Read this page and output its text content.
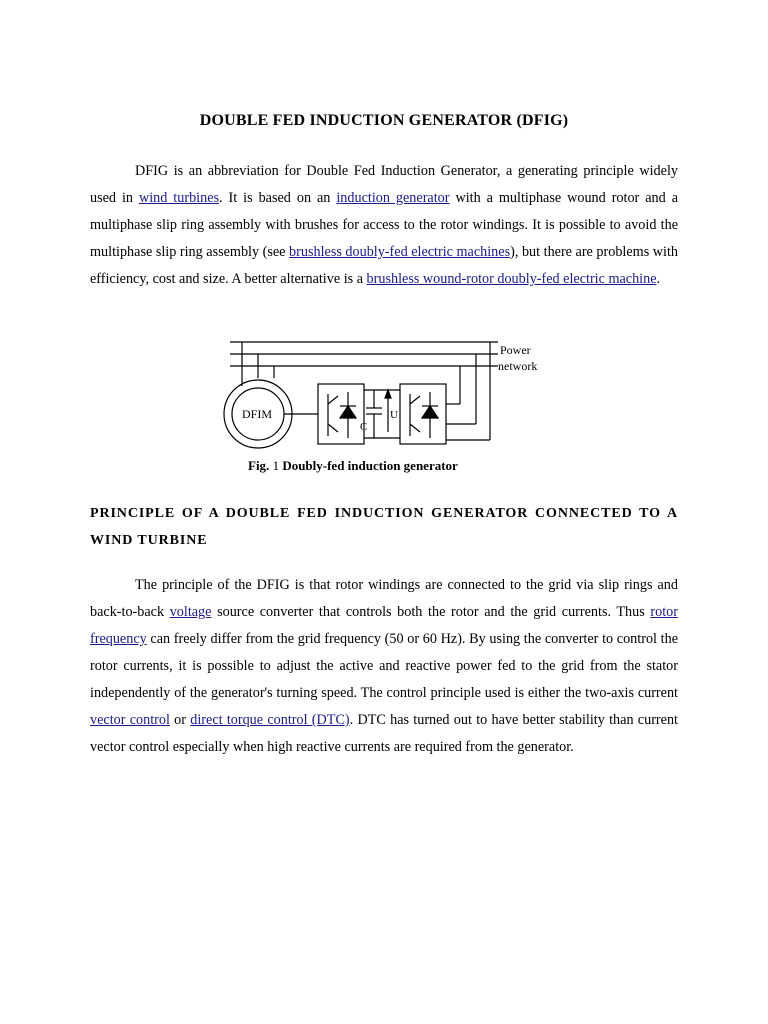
DOUBLE FED INDUCTION GENERATOR (DFIG)
DFIG is an abbreviation for Double Fed Induction Generator, a generating principle widely used in wind turbines. It is based on an induction generator with a multiphase wound rotor and a multiphase slip ring assembly with brushes for access to the rotor windings. It is possible to avoid the multiphase slip ring assembly (see brushless doubly-fed electric machines), but there are problems with efficiency, cost and size. A better alternative is a brushless wound-rotor doubly-fed electric machine.
Power
network
DFIM
C
U
Fig. 1 Doubly-fed induction generator
PRINCIPLE OF A DOUBLE FED INDUCTION GENERATOR CONNECTED TO A WIND TURBINE
The principle of the DFIG is that rotor windings are connected to the grid via slip rings and back-to-back voltage source converter that controls both the rotor and the grid currents. Thus rotor frequency can freely differ from the grid frequency (50 or 60 Hz). By using the converter to control the rotor currents, it is possible to adjust the active and reactive power fed to the grid from the stator independently of the generator's turning speed. The control principle used is either the two-axis current vector control or direct torque control (DTC). DTC has turned out to have better stability than current vector control especially when high reactive currents are required from the generator.
